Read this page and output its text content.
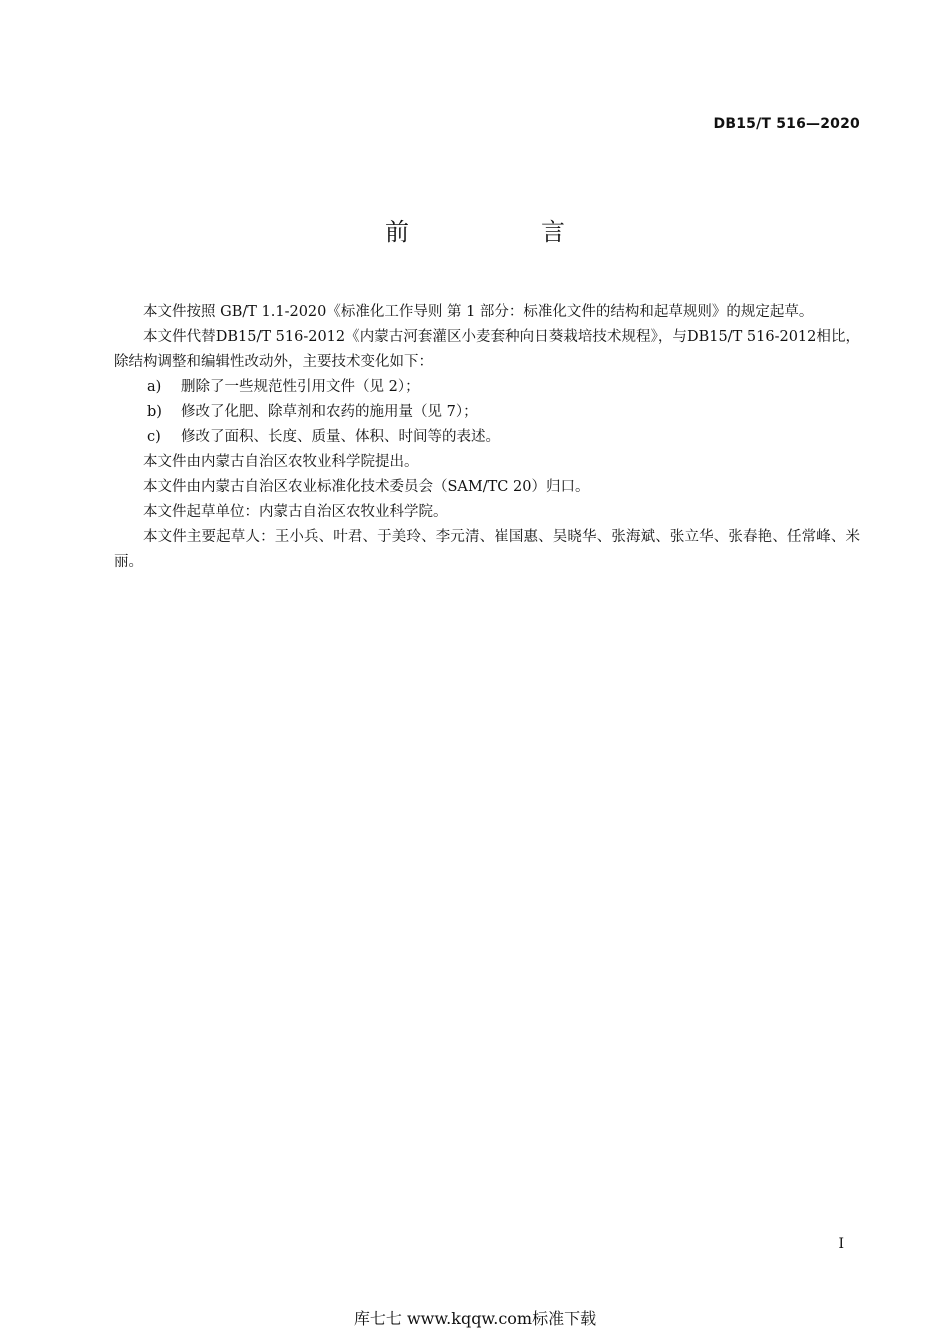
DB15/T 516—2020
前　言

本文件按照 GB/T 1.1-2020《标准化工作导则 第 1 部分：标准化文件的结构和起草规则》的规定起草。

本文件代替DB15/T 516-2012《内蒙古河套灌区小麦套种向日葵栽培技术规程》，与DB15/T 516-2012相比，除结构调整和编辑性改动外，主要技术变化如下：

a)	删除了一些规范性引用文件（见 2）；

b)	修改了化肥、除草剂和农药的施用量（见 7）；

c)	修改了面积、长度、质量、体积、时间等的表述。

本文件由内蒙古自治区农牧业科学院提出。

本文件由内蒙古自治区农业标准化技术委员会（SAM/TC 20）归口。

本文件起草单位：内蒙古自治区农牧业科学院。

本文件主要起草人：王小兵、叶君、于美玲、李元清、崔国惠、吴晓华、张海斌、张立华、张春艳、任常峰、米丽。

I
库七七 www.kqqw.com标准下载
